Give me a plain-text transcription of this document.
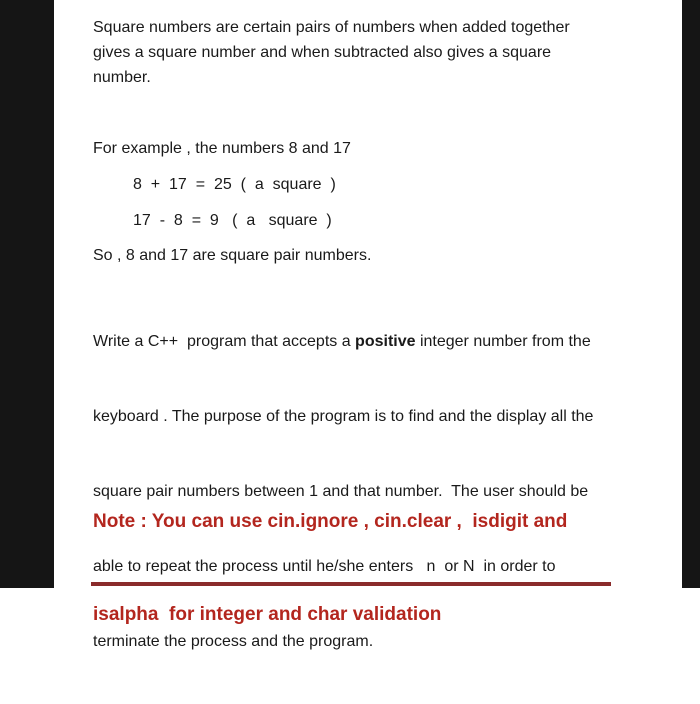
Square numbers are certain pairs of numbers when added together
gives a square number and when subtracted also gives a square
number.
For example , the numbers 8 and 17
8  +  17  =  25  (  a  square  )
17  -  8  =  9   (  a   square  )
So , 8 and 17 are square pair numbers.

Write a C++  program that accepts a positive integer number from the

keyboard . The purpose of the program is to find and the display all the

square pair numbers between 1 and that number.  The user should be

able to repeat the process until he/she enters   n  or N  in order to

terminate the process and the program.

Note : You can use cin.ignore , cin.clear ,  isdigit and

isalpha  for integer and char validation
